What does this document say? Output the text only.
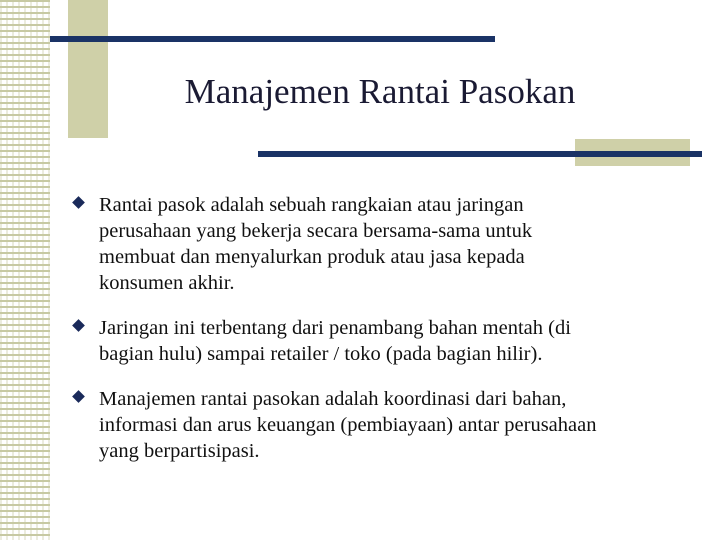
Manajemen Rantai Pasokan
Rantai pasok adalah sebuah rangkaian atau jaringan
perusahaan yang bekerja secara bersama-sama untuk
membuat dan menyalurkan produk atau jasa kepada
konsumen akhir.
Jaringan ini terbentang dari penambang bahan mentah (di
bagian hulu) sampai retailer / toko (pada bagian hilir).
Manajemen rantai pasokan adalah koordinasi dari bahan,
informasi dan arus keuangan (pembiayaan) antar perusahaan
yang berpartisipasi.
